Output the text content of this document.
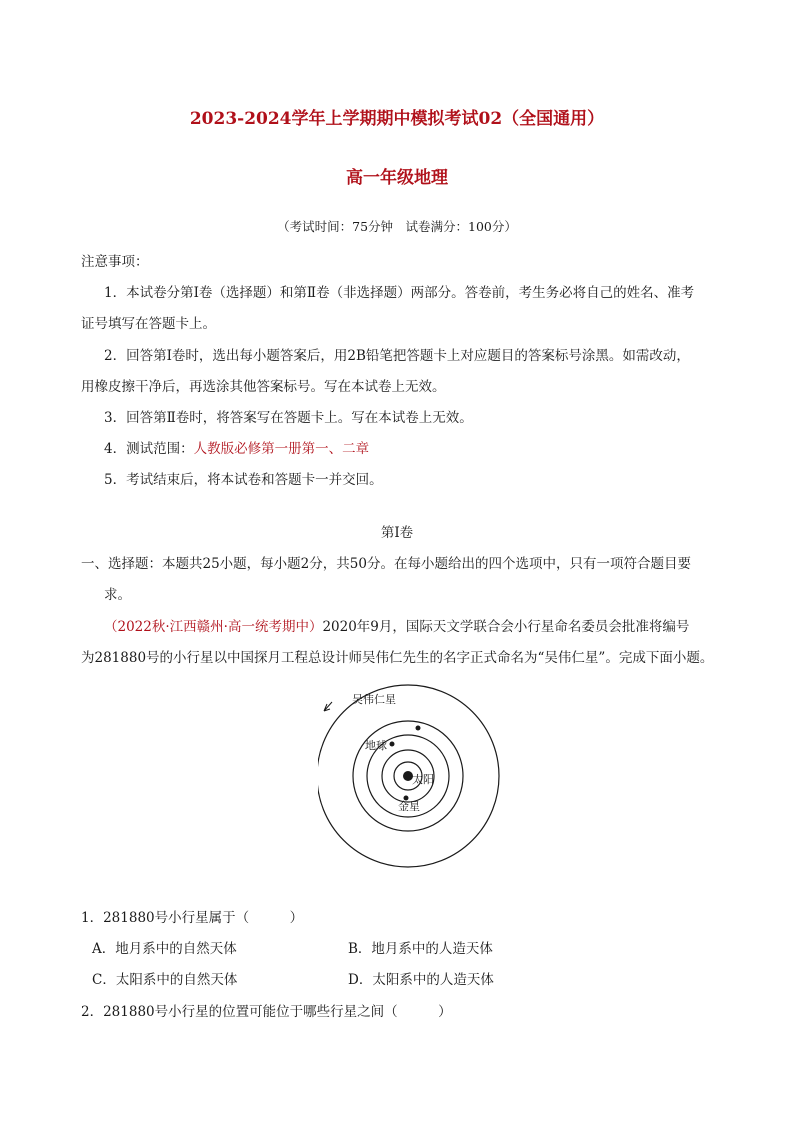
2023-2024学年上学期期中模拟考试02（全国通用）
高一年级地理
（考试时间：75分钟　试卷满分：100分）
注意事项：
1．本试卷分第Ⅰ卷（选择题）和第Ⅱ卷（非选择题）两部分。答卷前，考生务必将自己的姓名、准考
证号填写在答题卡上。
2．回答第Ⅰ卷时，选出每小题答案后，用2B铅笔把答题卡上对应题目的答案标号涂黑。如需改动，
用橡皮擦干净后，再选涂其他答案标号。写在本试卷上无效。
3．回答第Ⅱ卷时，将答案写在答题卡上。写在本试卷上无效。
4．测试范围：人教版必修第一册第一、二章
5．考试结束后，将本试卷和答题卡一并交回。
第Ⅰ卷
一、选择题：本题共25小题，每小题2分，共50分。在每小题给出的四个选项中，只有一项符合题目要
求。
（2022秋·江西赣州·高一统考期中）2020年9月，国际天文学联合会小行星命名委员会批准将编号
为281880号的小行星以中国探月工程总设计师吴伟仁先生的名字正式命名为“吴伟仁星”。完成下面小题。
吴伟仁星
地球
太阳
金星
1．281880号小行星属于（　　　）
A．地月系中的自然天体	B．地月系中的人造天体
C．太阳系中的自然天体	D．太阳系中的人造天体
2．281880号小行星的位置可能位于哪些行星之间（　　　）
